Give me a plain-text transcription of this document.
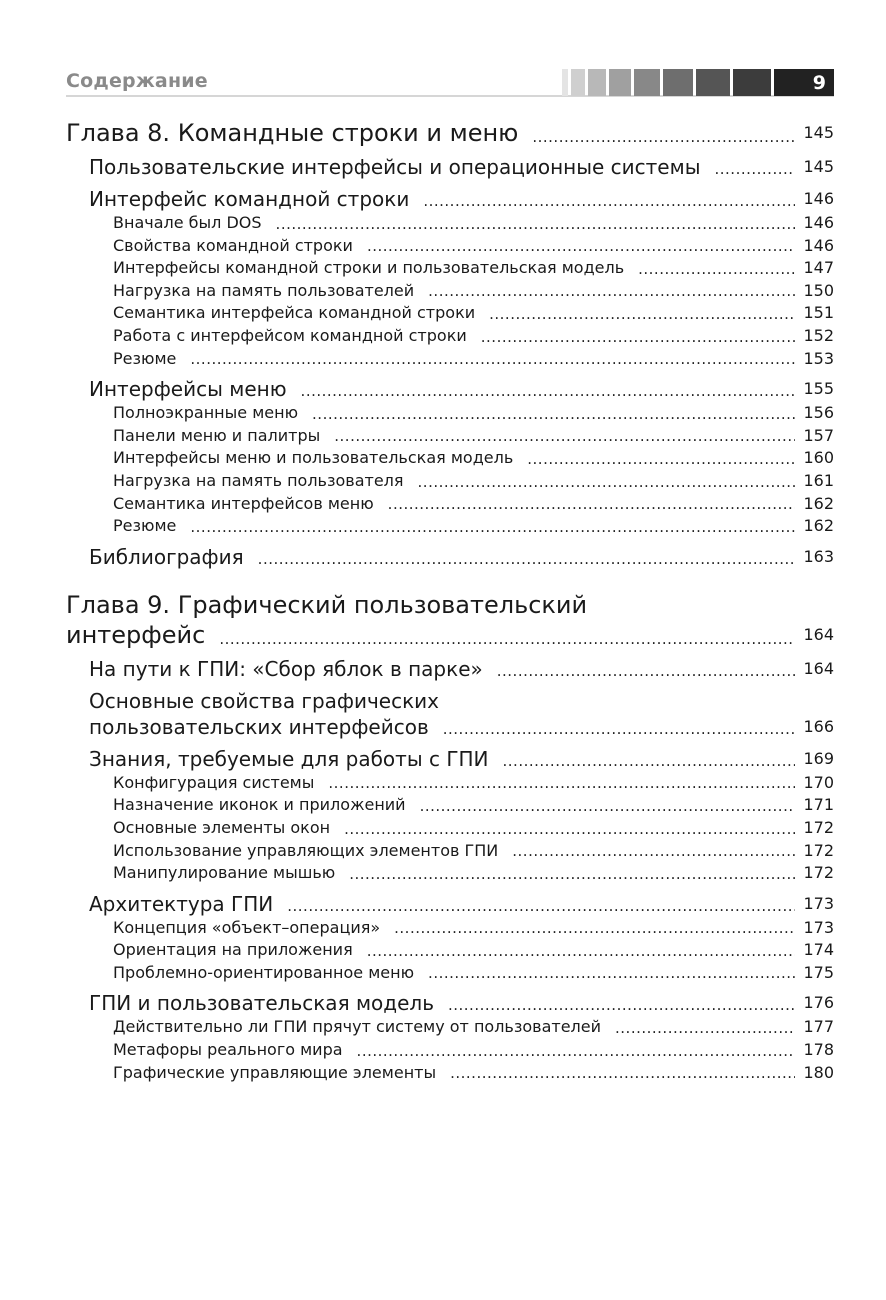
Содержание	9
Глава 8. Командные строки и меню .....	145
Пользовательские интерфейсы и операционные системы .....	145
Интерфейс командной строки .....	146
Вначале был DOS .....	146
Свойства командной строки .....	146
Интерфейсы командной строки и пользовательская модель .....	147
Нагрузка на память пользователей .....	150
Семантика интерфейса командной строки .....	151
Работа с интерфейсом командной строки .....	152
Резюме .....	153
Интерфейсы меню .....	155
Полноэкранные меню .....	156
Панели меню и палитры .....	157
Интерфейсы меню и пользовательская модель .....	160
Нагрузка на память пользователя .....	161
Семантика интерфейсов меню .....	162
Резюме .....	162
Библиография .....	163
Глава 9. Графический пользовательский
интерфейс .....	164
На пути к ГПИ: «Сбор яблок в парке» .....	164
Основные свойства графических
пользовательских интерфейсов .....	166
Знания, требуемые для работы с ГПИ .....	169
Конфигурация системы .....	170
Назначение иконок и приложений .....	171
Основные элементы окон .....	172
Использование управляющих элементов ГПИ .....	172
Манипулирование мышью .....	172
Архитектура ГПИ .....	173
Концепция «объект–операция» .....	173
Ориентация на приложения .....	174
Проблемно-ориентированное меню .....	175
ГПИ и пользовательская модель .....	176
Действительно ли ГПИ прячут систему от пользователей .....	177
Метафоры реального мира .....	178
Графические управляющие элементы .....	180
